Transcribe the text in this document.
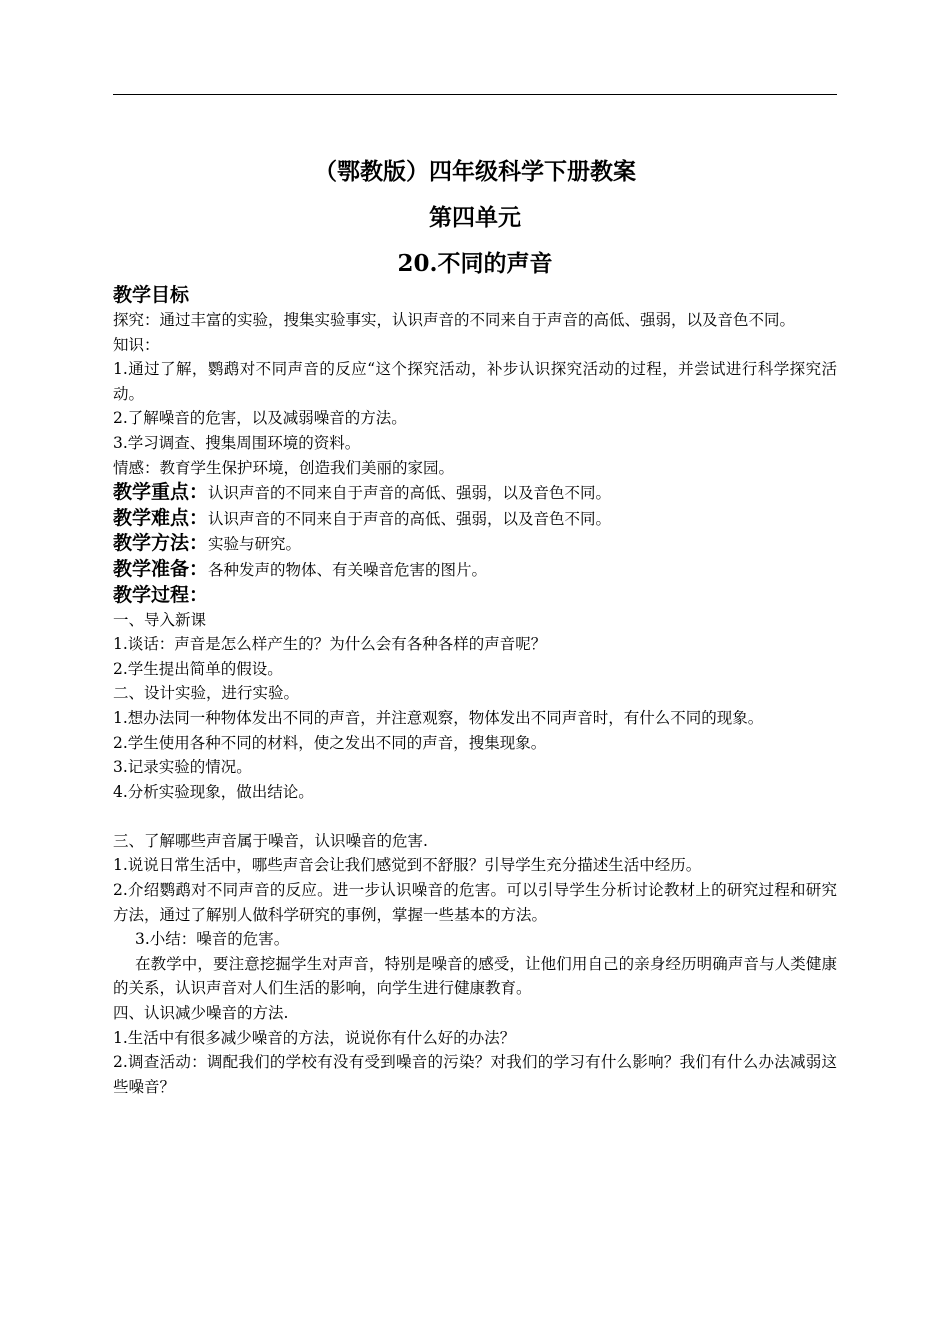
（鄂教版）四年级科学下册教案

第四单元

20.不同的声音

教学目标

探究：通过丰富的实验，搜集实验事实，认识声音的不同来自于声音的高低、强弱，以及音色不同。

知识：

1.通过了解，鹦鹉对不同声音的反应“这个探究活动，补步认识探究活动的过程，并尝试进行科学探究活动。

2.了解噪音的危害，以及减弱噪音的方法。

3.学习调查、搜集周围环境的资料。

情感：教育学生保护环境，创造我们美丽的家园。

教学重点：认识声音的不同来自于声音的高低、强弱，以及音色不同。

教学难点：认识声音的不同来自于声音的高低、强弱，以及音色不同。

教学方法：实验与研究。

教学准备：各种发声的物体、有关噪音危害的图片。

教学过程：

一、导入新课

1.谈话：声音是怎么样产生的？为什么会有各种各样的声音呢？

2.学生提出简单的假设。

二、设计实验，进行实验。

1.想办法同一种物体发出不同的声音，并注意观察，物体发出不同声音时，有什么不同的现象。

2.学生使用各种不同的材料，使之发出不同的声音，搜集现象。

3.记录实验的情况。

4.分析实验现象，做出结论。

三、了解哪些声音属于噪音，认识噪音的危害.

1.说说日常生活中，哪些声音会让我们感觉到不舒服？引导学生充分描述生活中经历。

2.介绍鹦鹉对不同声音的反应。进一步认识噪音的危害。可以引导学生分析讨论教材上的研究过程和研究方法，通过了解别人做科学研究的事例，掌握一些基本的方法。

3.小结：噪音的危害。

在教学中，要注意挖掘学生对声音，特别是噪音的感受，让他们用自己的亲身经历明确声音与人类健康的关系，认识声音对人们生活的影响，向学生进行健康教育。

四、认识减少噪音的方法.

1.生活中有很多减少噪音的方法，说说你有什么好的办法？

2.调查活动：调配我们的学校有没有受到噪音的污染？对我们的学习有什么影响？我们有什么办法减弱这些噪音？
